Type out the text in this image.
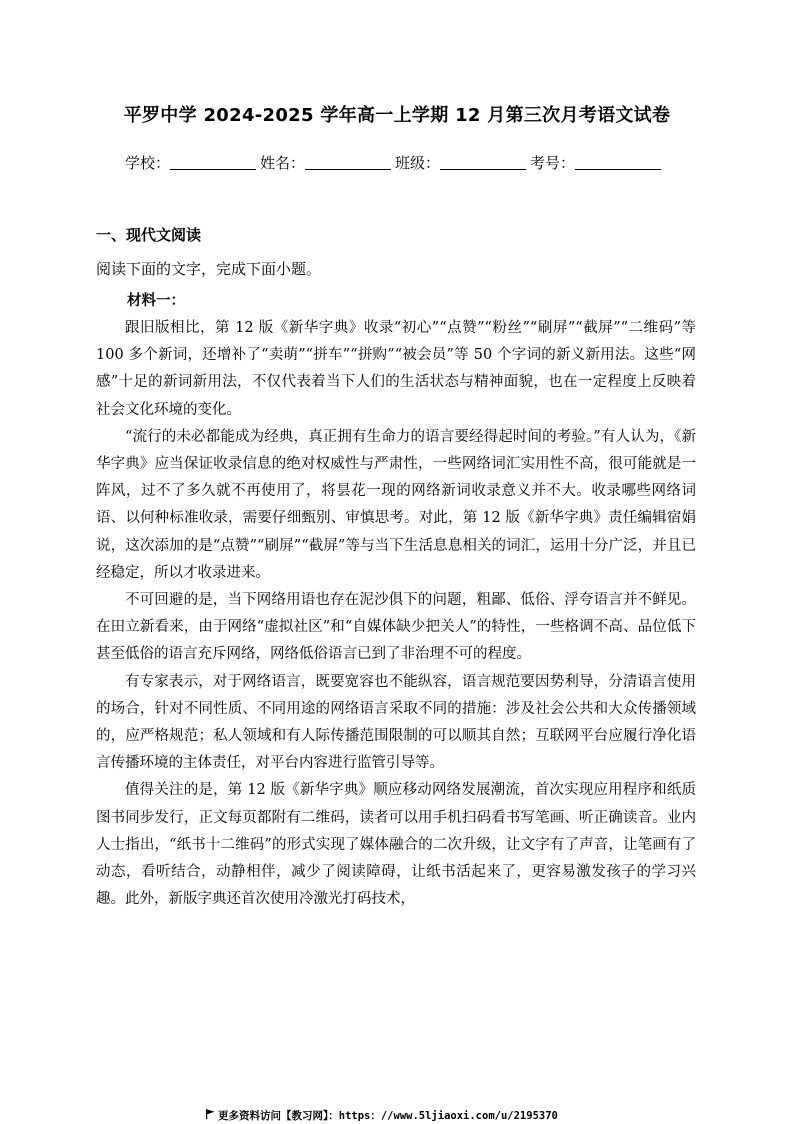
平罗中学 2024-2025 学年高一上学期 12 月第三次月考语文试卷
学校：	姓名：	班级：	考号：
一、现代文阅读
阅读下面的文字，完成下面小题。
材料一：

跟旧版相比，第 12 版《新华字典》收录“初心”“点赞”“粉丝”“刷屏”“截屏”“二维码”等 100 多个新词，还增补了“卖萌”“拼车”“拼购”“被会员”等 50 个字词的新义新用法。这些“网感”十足的新词新用法，不仅代表着当下人们的生活状态与精神面貌，也在一定程度上反映着社会文化环境的变化。

“流行的未必都能成为经典，真正拥有生命力的语言要经得起时间的考验。”有人认为，《新华字典》应当保证收录信息的绝对权威性与严肃性，一些网络词汇实用性不高，很可能就是一阵风，过不了多久就不再使用了，将昙花一现的网络新词收录意义并不大。收录哪些网络词语、以何种标准收录，需要仔细甄别、审慎思考。对此，第 12 版《新华字典》责任编辑宿娟说，这次添加的是“点赞”“刷屏”“截屏”等与当下生活息息相关的词汇，运用十分广泛，并且已经稳定，所以才收录进来。

不可回避的是，当下网络用语也存在泥沙俱下的问题，粗鄙、低俗、浮夸语言并不鲜见。在田立新看来，由于网络“虚拟社区”和“自媒体缺少把关人”的特性，一些格调不高、品位低下甚至低俗的语言充斥网络，网络低俗语言已到了非治理不可的程度。

有专家表示，对于网络语言，既要宽容也不能纵容，语言规范要因势利导，分清语言使用的场合，针对不同性质、不同用途的网络语言采取不同的措施：涉及社会公共和大众传播领域的，应严格规范；私人领域和有人际传播范围限制的可以顺其自然；互联网平台应履行净化语言传播环境的主体责任，对平台内容进行监管引导等。

值得关注的是，第 12 版《新华字典》顺应移动网络发展潮流，首次实现应用程序和纸质图书同步发行，正文每页都附有二维码，读者可以用手机扫码看书写笔画、听正确读音。业内人士指出，“纸书十二维码”的形式实现了媒体融合的二次升级，让文字有了声音，让笔画有了动态，看听结合，动静相伴，减少了阅读障碍，让纸书活起来了，更容易激发孩子的学习兴趣。此外，新版字典还首次使用冷激光打码技术，

更多资料访问【教习网】：https：//www.5ljiaoxi.com/u/2195370
